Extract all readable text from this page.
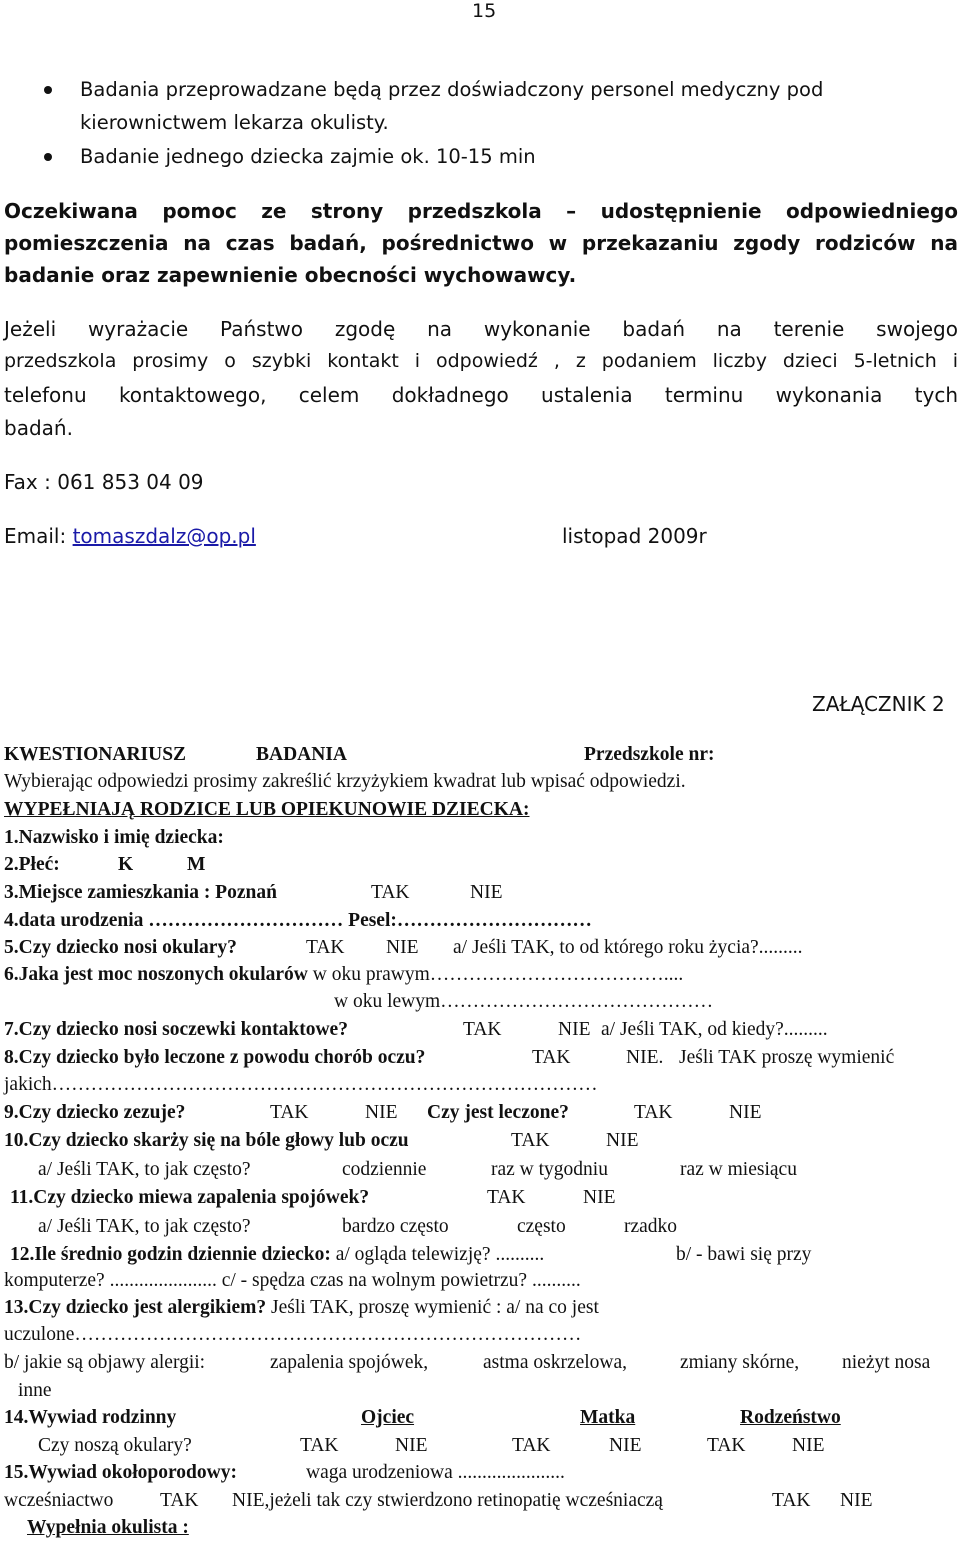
15
Badania przeprowadzane będą przez doświadczony personel medyczny pod
kierownictwem lekarza okulisty.
Badanie jednego dziecka zajmie ok. 10-15 min
Oczekiwana pomoc ze strony przedszkola – udostępnienie odpowiedniego
pomieszczenia na czas badań, pośrednictwo w przekazaniu zgody rodziców na
badanie oraz zapewnienie obecności wychowawcy.
Jeżeli wyrażacie Państwo zgodę na wykonanie badań na terenie swojego
przedszkola prosimy o szybki kontakt i odpowiedź , z podaniem liczby dzieci 5-letnich i
telefonu kontaktowego, celem dokładnego ustalenia terminu wykonania tych
badań.
Fax : 061 853 04 09
Email: tomaszdalz@op.pl	listopad 2009r
ZAŁĄCZNIK 2
KWESTIONARIUSZ	BADANIA	Przedszkole nr:
Wybierając odpowiedzi prosimy zakreślić krzyżykiem kwadrat lub wpisać odpowiedzi.
WYPEŁNIAJĄ RODZICE LUB OPIEKUNOWIE DZIECKA:
1.Nazwisko i imię dziecka:
2.Płeć:	K	M
3.Miejsce zamieszkania : Poznań	TAK	NIE
4.data urodzenia ………………………… Pesel:…………………………
5.Czy dziecko nosi okulary?	TAK NIE a/ Jeśli TAK, to od którego roku życia?.........
6.Jaka jest moc noszonych okularów w oku prawym………………………………....
w oku lewym……………………………………
7.Czy dziecko nosi soczewki kontaktowe?	TAK	NIE a/ Jeśli TAK, od kiedy?.........
8.Czy dziecko było leczone z powodu chorób oczu?	TAK	NIE. Jeśli TAK proszę wymienić
jakich…………………………………………………………………………
9.Czy dziecko zezuje?	TAK	NIE Czy jest leczone?	TAK	NIE
10.Czy dziecko skarży się na bóle głowy lub oczu	TAK	NIE
a/ Jeśli TAK, to jak często?	codziennie	raz w tygodniu	raz w miesiącu
11.Czy dziecko miewa zapalenia spojówek?	TAK	NIE
a/ Jeśli TAK, to jak często?	bardzo często	często	rzadko
12.Ile średnio godzin dziennie dziecko: a/ ogląda telewizję? ..........	b/ - bawi się przy
komputerze? ...................... c/ - spędza czas na wolnym powietrzu? ..........
13.Czy dziecko jest alergikiem? Jeśli TAK, proszę wymienić : a/ na co jest
uczulone……………………………………………………………………
b/ jakie są objawy alergii:	zapalenia spojówek,	astma oskrzelowa,	zmiany skórne, nieżyt nosa
inne
14.Wywiad rodzinny	Ojciec	Matka	Rodzeństwo
Czy noszą okulary?	TAK	NIE	TAK	NIE	TAK NIE
15.Wywiad okołoporodowy:	waga urodzeniowa ......................
wcześniactwo TAK NIE,jeżeli tak czy stwierdzono retinopatię wcześniaczą	TAK NIE
Wypełnia okulista :
